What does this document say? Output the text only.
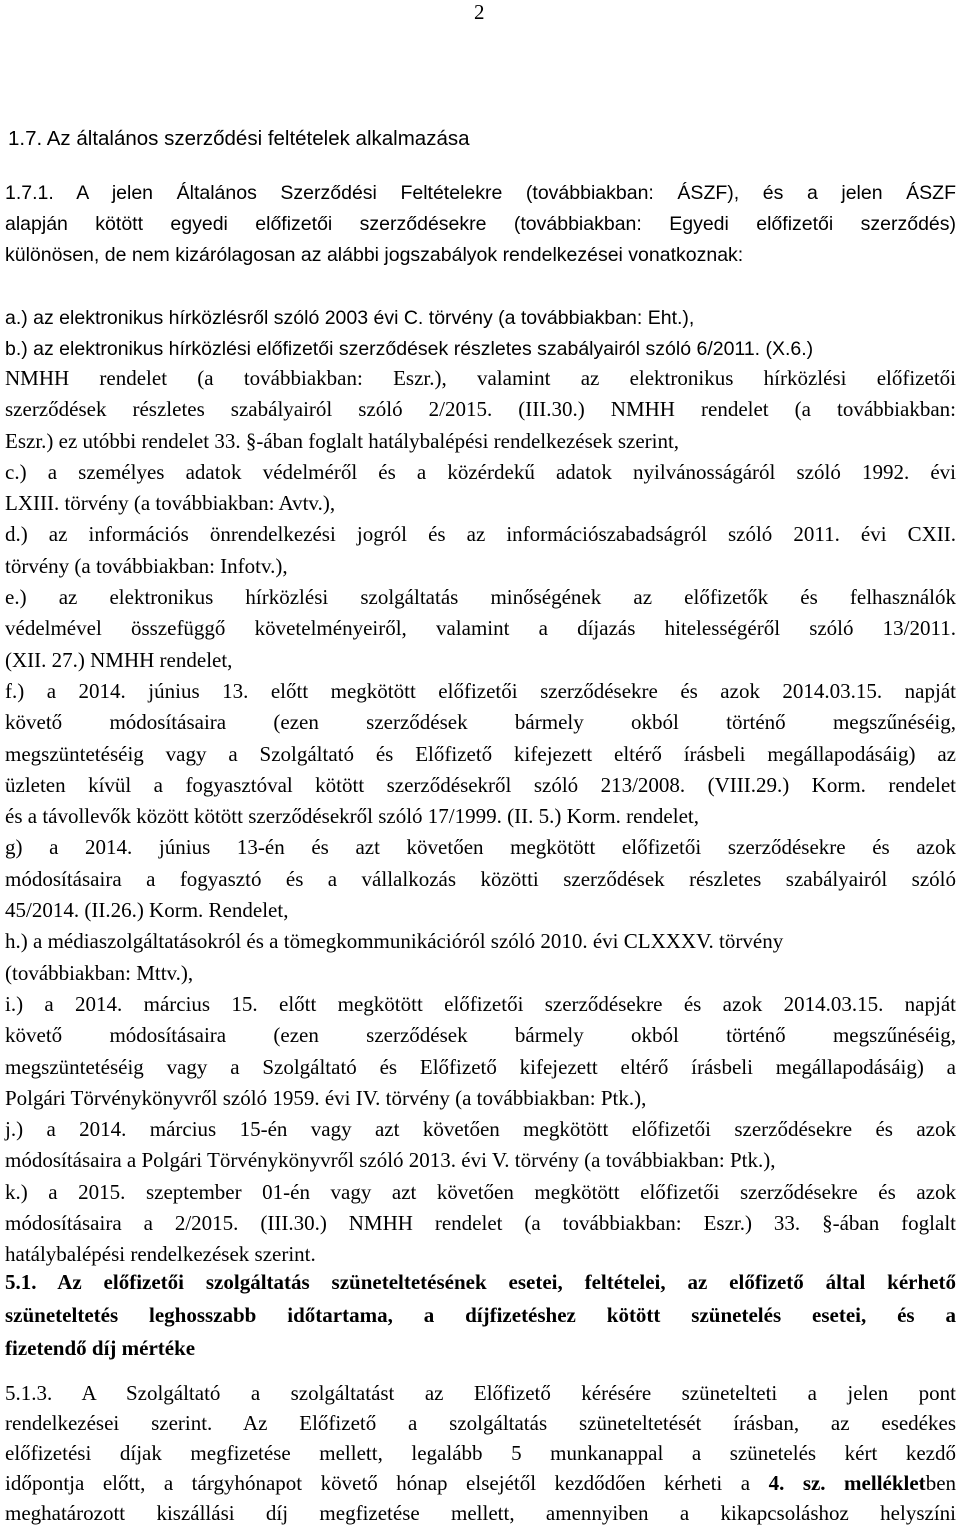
2
1.7. Az általános szerződési feltételek alkalmazása
1.7.1. A jelen Általános Szerződési Feltételekre (továbbiakban: ÁSZF), és a jelen ÁSZF
alapján kötött egyedi előfizetői szerződésekre (továbbiakban: Egyedi előfizetői szerződés)
különösen, de nem kizárólagosan az alábbi jogszabályok rendelkezései vonatkoznak:
a.) az elektronikus hírközlésről szóló 2003 évi C. törvény (a továbbiakban: Eht.),
b.) az elektronikus hírközlési előfizetői szerződések részletes szabályairól szóló 6/2011. (X.6.)
NMHH rendelet (a továbbiakban: Eszr.), valamint az elektronikus hírközlési előfizetői
szerződések részletes szabályairól szóló 2/2015. (III.30.) NMHH rendelet (a továbbiakban:
Eszr.) ez utóbbi rendelet 33. §-ában foglalt hatálybalépési rendelkezések szerint,
c.) a személyes adatok védelméről és a közérdekű adatok nyilvánosságáról szóló 1992. évi
LXIII. törvény (a továbbiakban: Avtv.),
d.) az információs önrendelkezési jogról és az információszabadságról szóló 2011. évi CXII.
törvény (a továbbiakban: Infotv.),
e.) az elektronikus hírközlési szolgáltatás minőségének az előfizetők és felhasználók
védelmével összefüggő követelményeiről, valamint a díjazás hitelességéről szóló 13/2011.
(XII. 27.) NMHH rendelet,
f.) a 2014. június 13. előtt megkötött előfizetői szerződésekre és azok 2014.03.15. napját
követő módosításaira (ezen szerződések bármely okból történő megszűnéséig,
megszüntetéséig vagy a Szolgáltató és Előfizető kifejezett eltérő írásbeli megállapodásáig) az
üzleten kívül a fogyasztóval kötött szerződésekről szóló 213/2008. (VIII.29.) Korm. rendelet
és a távollevők között kötött szerződésekről szóló 17/1999. (II. 5.) Korm. rendelet,
g) a 2014. június 13-én és azt követően megkötött előfizetői szerződésekre és azok
módosításaira a fogyasztó és a vállalkozás közötti szerződések részletes szabályairól szóló
45/2014. (II.26.) Korm. Rendelet,
h.) a médiaszolgáltatásokról és a tömegkommunikációról szóló 2010. évi CLXXXV. törvény
(továbbiakban: Mttv.),
i.) a 2014. március 15. előtt megkötött előfizetői szerződésekre és azok 2014.03.15. napját
követő módosításaira (ezen szerződések bármely okból történő megszűnéséig,
megszüntetéséig vagy a Szolgáltató és Előfizető kifejezett eltérő írásbeli megállapodásáig) a
Polgári Törvénykönyvről szóló 1959. évi IV. törvény (a továbbiakban: Ptk.),
j.) a 2014. március 15-én vagy azt követően megkötött előfizetői szerződésekre és azok
módosításaira a Polgári Törvénykönyvről szóló 2013. évi V. törvény (a továbbiakban: Ptk.),
k.) a 2015. szeptember 01-én vagy azt követően megkötött előfizetői szerződésekre és azok
módosításaira a 2/2015. (III.30.) NMHH rendelet (a továbbiakban: Eszr.) 33. §-ában foglalt
hatálybalépési rendelkezések szerint.
5.1. Az előfizetői szolgáltatás szüneteltetésének esetei, feltételei, az előfizető által kérhető
szüneteltetés leghosszabb időtartama, a díjfizetéshez kötött szünetelés esetei, és a
fizetendő díj mértéke
5.1.3. A Szolgáltató a szolgáltatást az Előfizető kérésére szünetelteti a jelen pont
rendelkezései szerint. Az Előfizető a szolgáltatás szüneteltetését írásban, az esedékes
előfizetési díjak megfizetése mellett, legalább 5 munkanappal a szünetelés kért kezdő
időpontja előtt, a tárgyhónapot követő hónap elsejétől kezdődően kérheti a 4. sz. mellékletben
meghatározott kiszállási díj megfizetése mellett, amennyiben a kikapcsoláshoz helyszíni
